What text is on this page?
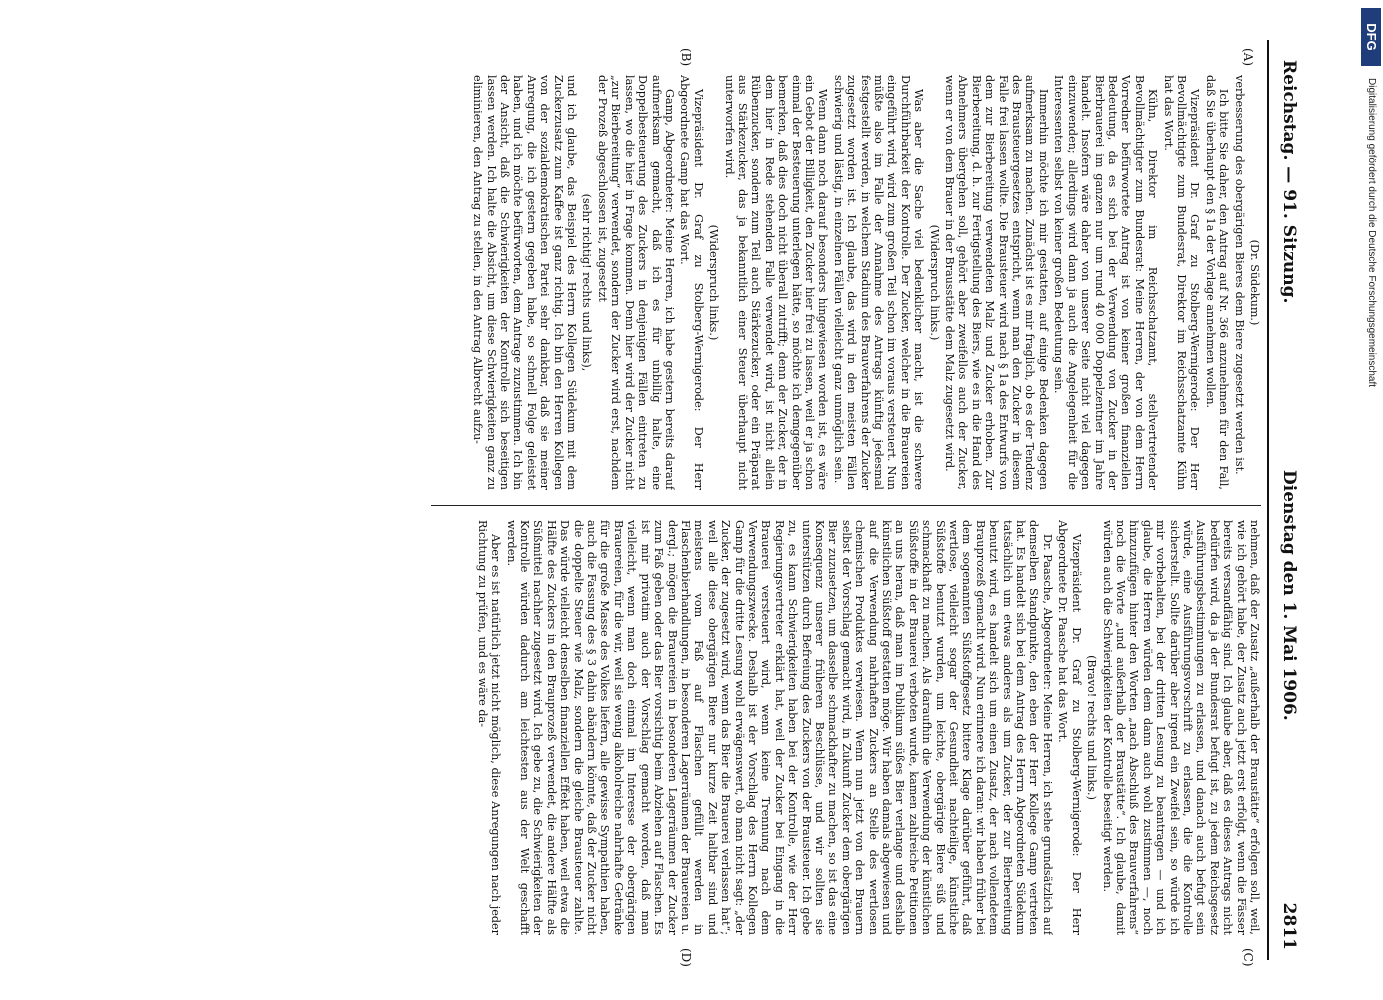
Reichstag. — 91. Sitzung.
Dienstag den 1. Mai 1906.
2811
(A)
(B)
(C)
(D)

(Dr. Südekum.)

verbesserung des obergärigen Bieres dem Biere zugesetzt werden ist.

Ich bitte Sie daher, den Antrag auf Nr. 366 anzunehmen für den Fall, daß Sie überhaupt den § 1a der Vorlage annehmen wollen.

Vizepräsident Dr. Graf zu Stolberg-Wernigerode: Der Herr Bevollmächtigte zum Bundesrat, Direktor im Reichsschatzamte Kühn hat das Wort.

Kühn, Direktor im Reichsschatzamt, stellvertretender Bevollmächtigter zum Bundesrat: Meine Herren, der von dem Herrn Vorredner befürwortete Antrag ist von keiner großen finanziellen Bedeutung, da es sich bei der Verwendung von Zucker in der Bierbrauerei im ganzen nur um rund 40 000 Doppelzentner im Jahre handelt. Insofern wäre daher von unserer Seite nicht viel dagegen einzuwenden; allerdings wird dann ja auch die Angelegenheit für die Interessenten selbst von keiner großen Bedeutung sein.

Immerhin möchte ich mir gestatten, auf einige Bedenken dagegen aufmerksam zu machen. Zunächst ist es mir fraglich, ob es der Tendenz des Brausteuergesetzes entspricht, wenn man den Zucker in diesem Falle frei lassen wollte. Die Brausteuer wird nach § 1a des Entwurfs von dem zur Bierbereitung verwendeten Malz und Zucker erhoben. Zur Bierbereitung, d. h. zur Fertigstellung des Biers, wie es in die Hand des Abnehmers übergehen soll, gehört aber zweifellos auch der Zucker, wenn er von dem Brauer in der Brausstätte dem Malz zugesetzt wird.

(Widerspruch links.)

Was aber die Sache viel bedenklicher macht, ist die schwere Durchführbarkeit der Kontrolle. Der Zucker, welcher in die Brauereien eingeführt wird, wird zum großen Teil schon im voraus versteuert. Nun müßte also im Falle der Annahme des Antrags künftig jedesmal festgestellt werden, in welchem Stadium des Brauverfahrens der Zucker zugesetzt worden ist. Ich glaube, das wird in den meisten Fällen schwierig und lästig, in einzelnen Fällen vielleicht ganz unmöglich sein.

Wenn dann noch darauf besonders hingewiesen worden ist, es wäre ein Gebot der Billigkeit, den Zucker hier frei zu lassen, weil er ja schon einmal der Besteuerung unterlegen hätte, so möchte ich demgegenüber bemerken, daß dies doch nicht überall zutrifft; denn der Zucker, der in dem hier in Rede stehenden Falle verwendet wird, ist nicht allein Rübenzucker, sondern zum Teil auch Stärkezucker, oder ein Präparat aus Stärkezucker, das ja bekanntlich einer Steuer überhaupt nicht unterworfen wird.

(Widerspruch links.)

Vizepräsident Dr. Graf zu Stolberg-Wernigerode: Der Herr Abgeordnete Gamp hat das Wort.

Gamp, Abgeordneter: Meine Herren, ich habe gestern bereits darauf aufmerksam gemacht, daß ich es für unbillig halte, eine Doppelbesteuerung des Zuckers in denjenigen Fällen eintreten zu lassen, wo die hier in Frage kommen. Denn hier wird der Zucker nicht „zur Bierbereitung“ verwendet, sondern der Zucker wird erst, nachdem der Prozeß abgeschlossen ist, zugesetzt

(sehr richtig! rechts und links),

und ich glaube, das Beispiel des Herrn Kollegen Südekum mit dem Zuckerzusatz zum Kaffee ist ganz richtig. Ich bin den Herren Kollegen von der sozialdemokratischen Partei sehr dankbar, daß sie meiner Anregung, die ich gestern gegeben habe, so schnell Folge geleistet haben, und ich möchte befürworten, dem Antrage zuzustimmen. Ich bin der Ansicht, daß die Schwierigkeiten der Kontrolle sich beseitigen lassen werden. Ich halte die Absicht, um diese Schwierigkeiten ganz zu eliminieren, den Antrag zu stellen, in den Antrag Albrecht aufzu-

nehmen, daß der Zusatz „außerhalb der Braustätte“ erfolgen soll, weil, wie ich gehört habe, der Zusatz auch jetzt erst erfolgt, wenn die Fässer bereits versandfähig sind. Ich glaube aber, daß es dieses Antrags nicht bedürfen wird, da ja der Bundesrat befugt ist, zu jedem Reichsgesetz Ausführungsbestimmungen zu erlassen, und danach auch befugt sein würde, eine Ausführungsvorschrift zu erlassen, die die Kontrolle sicherstellt. Sollte darüber aber irgend ein Zweifel sein, so würde ich mir vorbehalten, bei der dritten Lesung zu beantragen — und ich glaube, die Herren würden dem dann auch wohl zustimmen —, noch hinzuzufügen hinter den Worten „nach Abschluß des Brauverfahrens“ noch die Worte „und außerhalb der Braustätte“. Ich glaube, damit würden auch die Schwierigkeiten der Kontrolle beseitigt werden.

(Bravo! rechts und links.)

Vizepräsident Dr. Graf zu Stolberg-Wernigerode: Der Herr Abgeordnete Dr. Paasche hat das Wort.

Dr. Paasche, Abgeordneter: Meine Herren, ich stehe grundsätzlich auf demselben Standpunkte, den eben der Herr Kollege Gamp vertreten hat. Es handelt sich bei dem Antrag des Herrn Abgeordneten Südekum tatsächlich um etwas anderes als um Zucker, der zur Bierbereitung benutzt wird, es handelt sich um einen Zusatz, der nach vollendetem Brauprozeß gemacht wird. Nun erinnere ich daran: wir haben früher bei dem sogenannten Süßstoffgesetz bittere Klage darüber geführt, daß wertlose, vielleicht sogar der Gesundheit nachteilige, künstliche Süßstoffe benutzt wurden, um leichte, obergärige Biere süß und schmackhaft zu machen. Als daraufhin die Verwendung der künstlichen Süßstoffe in der Brauerei verboten wurde, kamen zahlreiche Petitionen an uns heran, daß man im Publikum süßes Bier verlange und deshalb künstlichen Süßstoff gestatten möge. Wir haben damals abgewiesen und auf die Verwendung nahrhaften Zuckers an Stelle des wertlosen chemischen Produktes verwiesen. Wenn nun jetzt von den Brauern selbst der Vorschlag gemacht wird, in Zukunft Zucker dem obergärigen Bier zuzusetzen, um dasselbe schmackhafter zu machen, so ist das eine Konsequenz unserer früheren Beschlüsse, und wir sollten sie unterstützen durch Befreiung des Zuckers von der Brausteuer. Ich gebe zu, es kann Schwierigkeiten haben bei der Kontrolle, wie der Herr Regierungsvertreter erklärt hat, weil der Zucker bei Eingang in die Brauerei versteuert wird, wenn keine Trennung nach dem Verwendungszwecke. Deshalb ist der Vorschlag des Herrn Kollegen Gamp für die dritte Lesung wohl erwägenswert, ob man nicht sagt: „der Zucker, der zugesetzt wird, wenn das Bier die Brauerei verlassen hat“; weil alle diese obergärigen Biere nur kurze Zeit haltbar sind und meistens vom Faß auf Flaschen gefüllt werden in Flaschenbierhandlungen, in besonderen Lagerräumen der Brauereien u. dergl.; mögen die Brauereien in besonderen Lagerräumen der Zucker zum Faß geben oder das Bier vorsichtig beim Abziehen auf Flaschen. Es ist mir privatim auch der Vorschlag gemacht worden, daß man vielleicht, wenn man doch einmal im Interesse der obergärigen Brauereien, für die wir, weil sie wenig alkoholreiche nahrhafte Getränke für die große Masse des Volkes liefern, alle gewisse Sympathien haben, auch die Fassung des § 3 dahin abändern könnte, daß der Zucker nicht die doppelte Steuer wie Malz, sondern die gleiche Brausteuer zahlte. Das würde vielleicht denselben finanziellen Effekt haben, weil etwa die Hälfte des Zuckers in den Brauprozeß verwendet, die andere Hälfte als Süßmittel nachher zugesetzt wird. Ich gebe zu, die Schwierigkeiten der Kontrolle würden dadurch am leichtesten aus der Welt geschafft werden.

Aber es ist natürlich jetzt nicht möglich, diese Anregungen nach jeder Richtung zu prüfen, und es wäre da-

DFG
Digitalisierung gefördert durch die Deutsche Forschungsgemeinschaft
